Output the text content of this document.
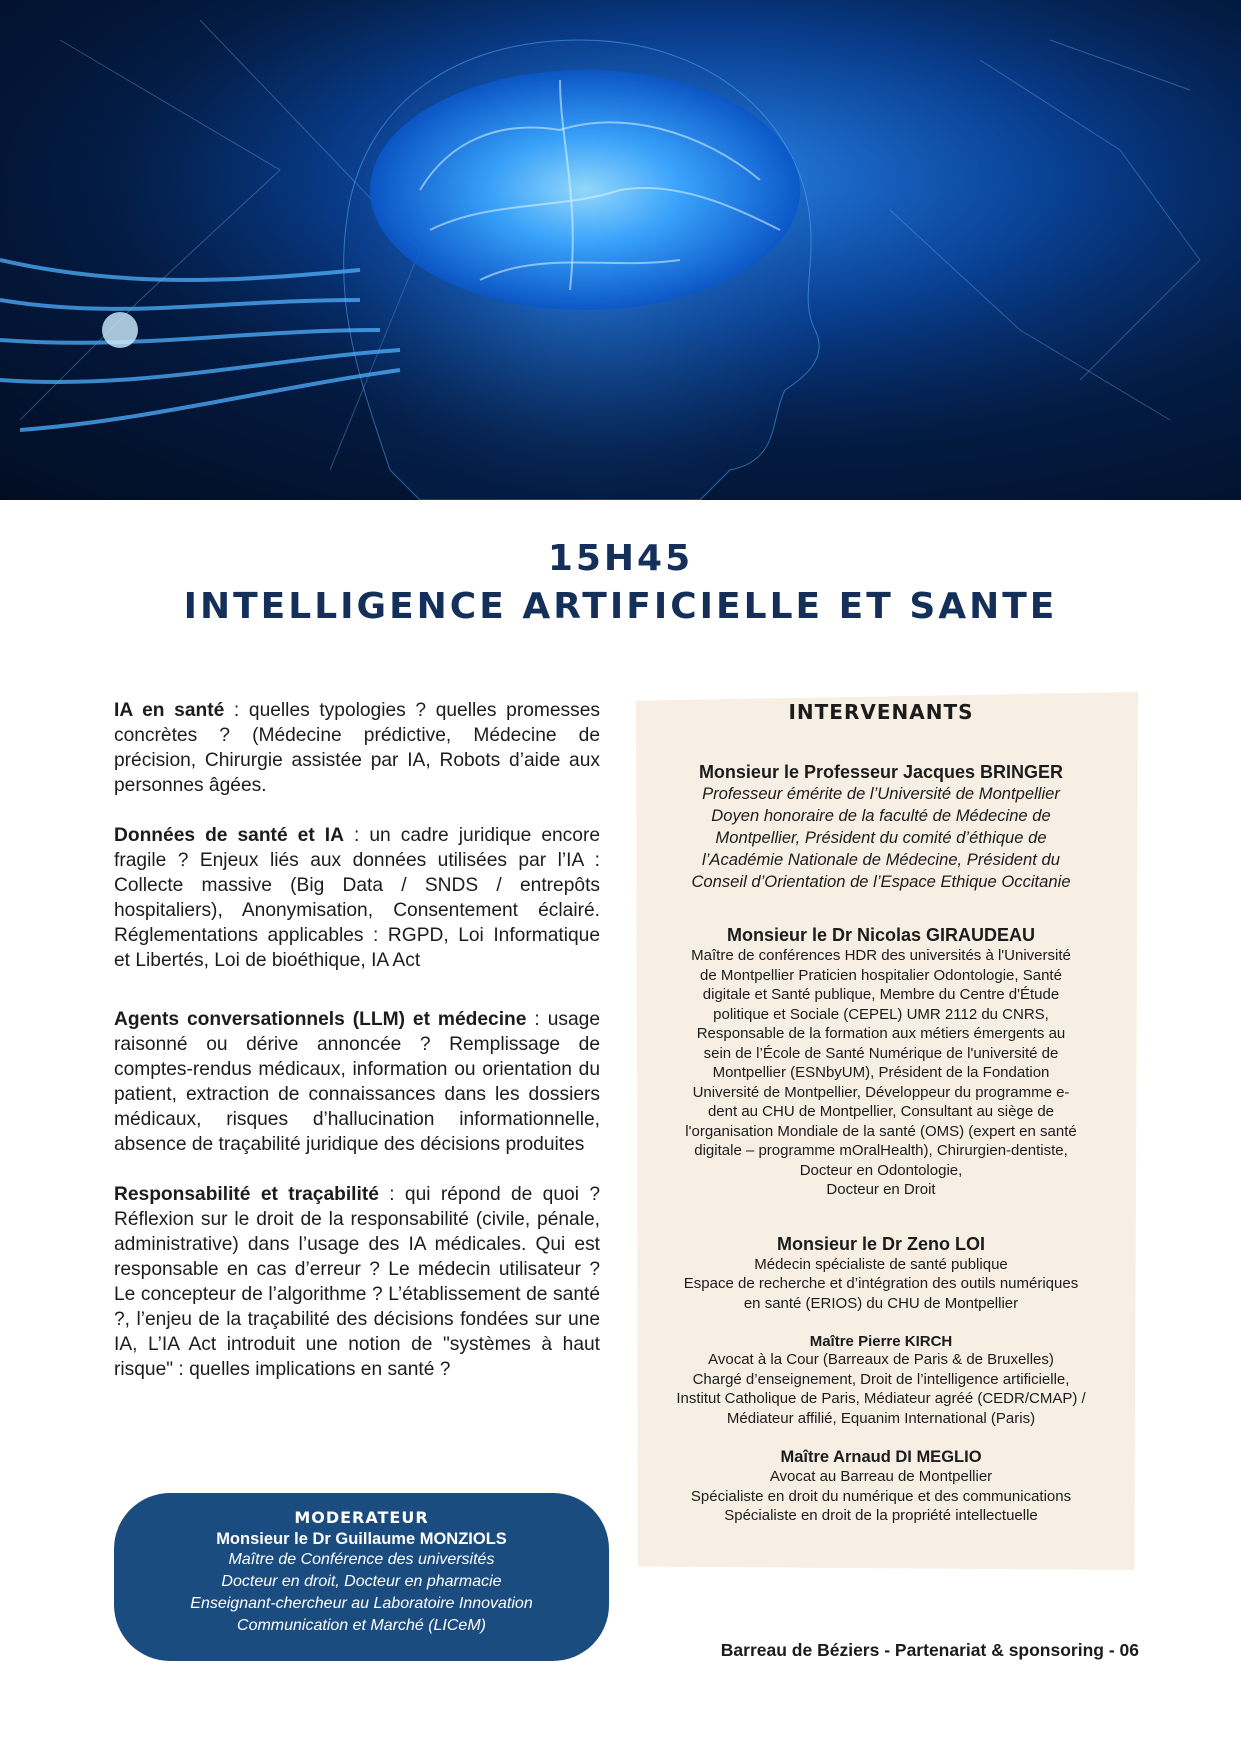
15H45
INTELLIGENCE ARTIFICIELLE ET SANTE

IA en santé : quelles typologies ? quelles promesses concrètes ? (Médecine prédictive, Médecine de précision, Chirurgie assistée par IA, Robots d’aide aux personnes âgées.

Données de santé et IA : un cadre juridique encore fragile ? Enjeux liés aux données utilisées par l’IA : Collecte massive (Big Data / SNDS / entrepôts hospitaliers), Anonymisation, Consentement éclairé. Réglementations applicables : RGPD, Loi Informatique et Libertés, Loi de bioéthique, IA Act

Agents conversationnels (LLM) et médecine : usage raisonné ou dérive annoncée ? Remplissage de comptes-rendus médicaux, information ou orientation du patient, extraction de connaissances dans les dossiers médicaux, risques d’hallucination informationnelle, absence de traçabilité juridique des décisions produites

Responsabilité et traçabilité : qui répond de quoi ? Réflexion sur le droit de la responsabilité (civile, pénale, administrative) dans l’usage des IA médicales. Qui est responsable en cas d’erreur ? Le médecin utilisateur ? Le concepteur de l’algorithme ? L’établissement de santé ?, l’enjeu de la traçabilité des décisions fondées sur une IA, L’IA Act introduit une notion de "systèmes à haut risque" : quelles implications en santé ?

MODERATEUR
Monsieur le Dr Guillaume MONZIOLS
Maître de Conférence des universités
Docteur en droit, Docteur en pharmacie
Enseignant-chercheur au Laboratoire Innovation
Communication et Marché (LICeM)
INTERVENANTS
Monsieur le Professeur Jacques BRINGER
Professeur émérite de l’Université de Montpellier
Doyen honoraire de la faculté de Médecine de
Montpellier, Président du comité d’éthique de
l’Académie Nationale de Médecine, Président du
Conseil d’Orientation de l’Espace Ethique Occitanie
Monsieur le Dr Nicolas GIRAUDEAU
Maître de conférences HDR des universités à l'Université
de Montpellier Praticien hospitalier Odontologie, Santé
digitale et Santé publique, Membre du Centre d'Étude
politique et Sociale (CEPEL) UMR 2112 du CNRS,
Responsable de la formation aux métiers émergents au
sein de l’École de Santé Numérique de l'université de
Montpellier (ESNbyUM), Président de la Fondation
Université de Montpellier, Développeur du programme e-
dent au CHU de Montpellier, Consultant au siège de
l'organisation Mondiale de la santé (OMS) (expert en santé
digitale – programme mOralHealth), Chirurgien-dentiste,
Docteur en Odontologie,
Docteur en Droit
Monsieur le Dr Zeno LOI
Médecin spécialiste de santé publique
Espace de recherche et d’intégration des outils numériques
en santé (ERIOS) du CHU de Montpellier
Maître Pierre KIRCH
Avocat à la Cour (Barreaux de Paris & de Bruxelles)
Chargé d’enseignement, Droit de l’intelligence artificielle,
Institut Catholique de Paris, Médiateur agréé (CEDR/CMAP) /
Médiateur affilié, Equanim International (Paris)
Maître Arnaud DI MEGLIO
Avocat au Barreau de Montpellier
Spécialiste en droit du numérique et des communications
Spécialiste en droit de la propriété intellectuelle
Barreau de Béziers - Partenariat & sponsoring - 06
